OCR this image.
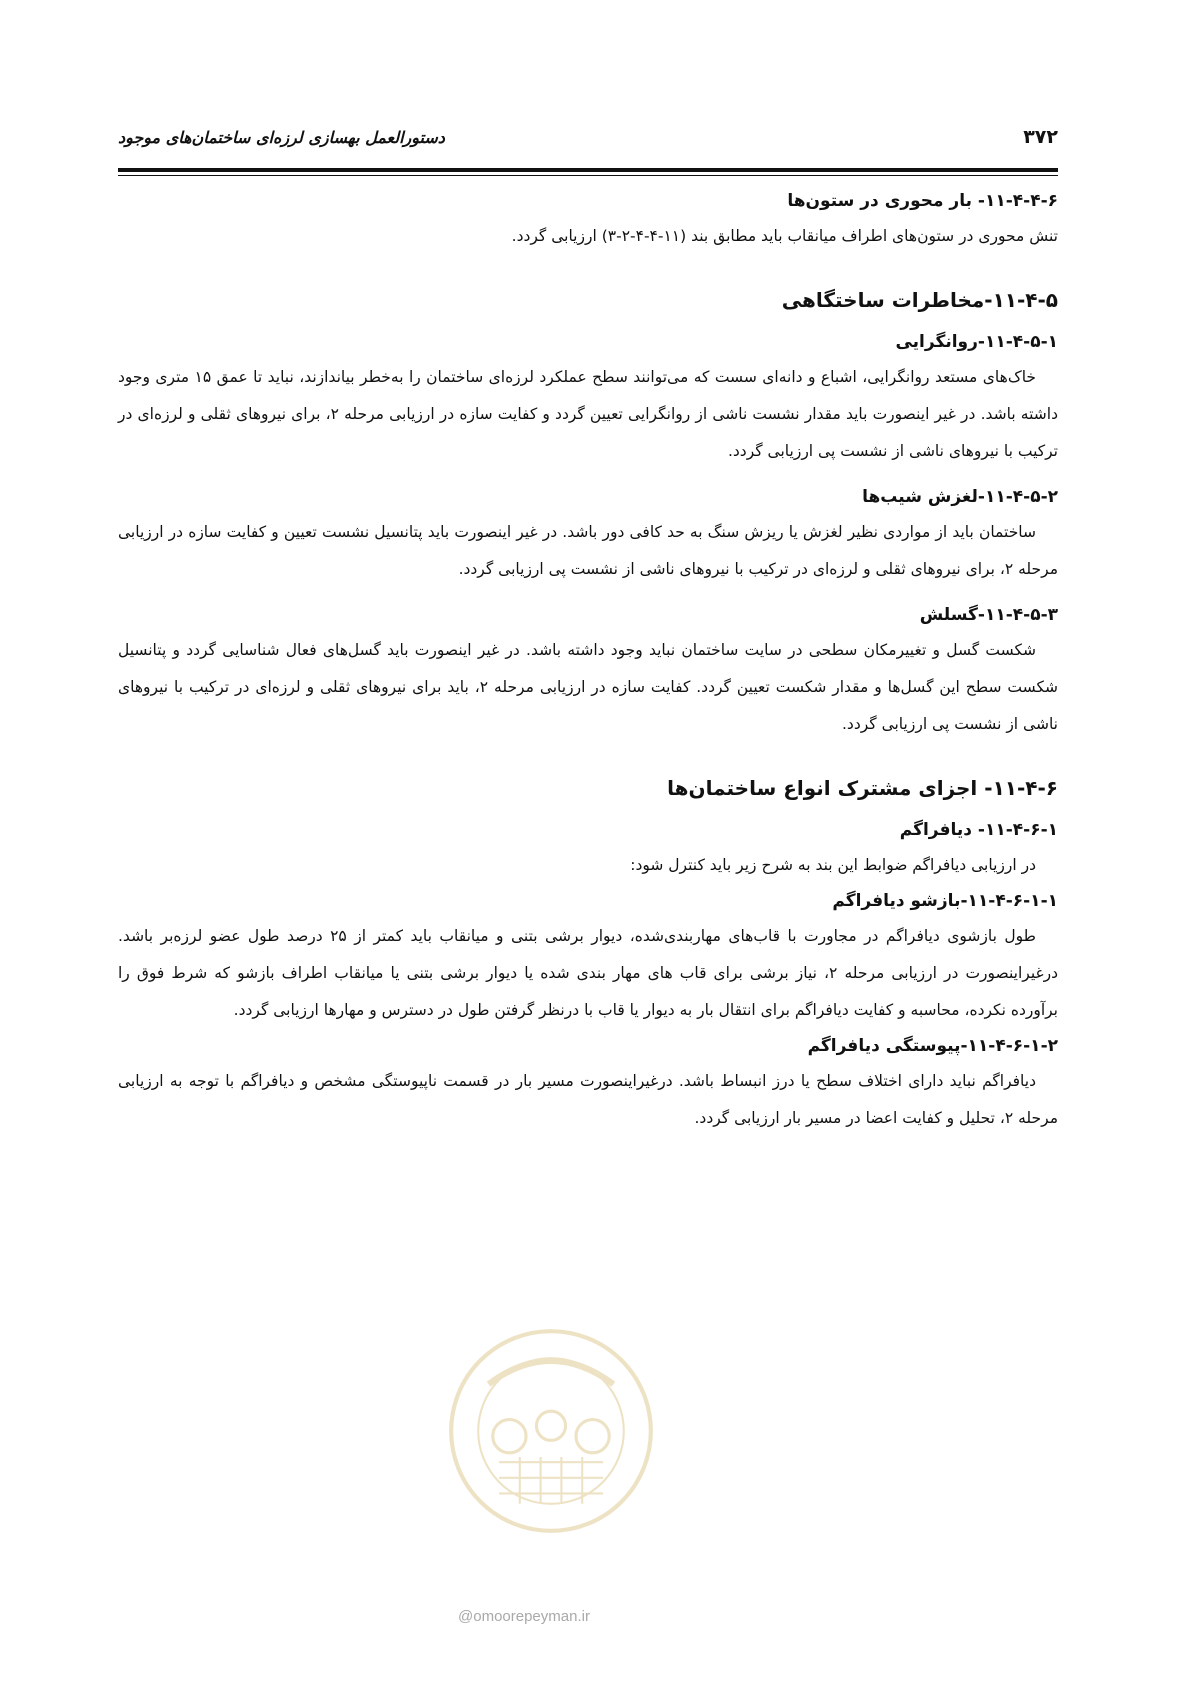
۳۷۲
دستورالعمل بهسازی لرزه‌ای ساختمان‌های موجود
۱۱-۴-۴-۶- بار محوری در ستون‌ها

تنش محوری در ستون‌های اطراف میانقاب باید مطابق بند (۱۱-۴-۴-۲-۳) ارزیابی گردد.

۱۱-۴-۵-مخاطرات ساختگاهی
۱۱-۴-۵-۱-روانگرایی

خاک‌های مستعد روانگرایی، اشباع و دانه‌ای سست که می‌توانند سطح عملکرد لرزه‌ای ساختمان را به‌خطر بیاندازند، نباید تا عمق ۱۵ متری وجود داشته باشد. در غیر اینصورت باید مقدار نشست ناشی از روانگرایی تعیین گردد و کفایت سازه در ارزیابی مرحله ۲، برای نیروهای ثقلی و لرزه‌ای در ترکیب با نیروهای ناشی از نشست پی ارزیابی گردد.

۱۱-۴-۵-۲-لغزش شیب‌ها

ساختمان باید از مواردی نظیر لغزش یا ریزش سنگ به حد کافی دور باشد. در غیر اینصورت باید پتانسیل نشست تعیین و کفایت سازه در ارزیابی مرحله ۲، برای نیروهای ثقلی و لرزه‌ای در ترکیب با نیروهای ناشی از نشست پی ارزیابی گردد.

۱۱-۴-۵-۳-گسلش

شکست گسل و تغییرمکان سطحی در سایت ساختمان نباید وجود داشته باشد. در غیر اینصورت باید گسل‌های فعال شناسایی گردد و پتانسیل شکست سطح این گسل‌ها و مقدار شکست تعیین گردد. کفایت سازه در ارزیابی مرحله ۲، باید برای نیروهای ثقلی و لرزه‌ای در ترکیب با نیروهای ناشی از نشست پی ارزیابی گردد.

۱۱-۴-۶- اجزای مشترک انواع ساختمان‌ها
۱۱-۴-۶-۱- دیافراگم

در ارزیابی دیافراگم ضوابط این بند به شرح زیر باید کنترل شود:

۱۱-۴-۶-۱-۱-بازشو دیافراگم

طول بازشوی دیافراگم در مجاورت با قاب‌های مهاربندی‌شده، دیوار برشی بتنی و میانقاب باید کمتر از ۲۵ درصد طول عضو لرزه‌بر باشد. درغیراینصورت در ارزیابی مرحله ۲، نیاز برشی برای قاب های مهار بندی شده یا دیوار برشی بتنی یا میانقاب اطراف بازشو که شرط فوق را برآورده نکرده، محاسبه و کفایت دیافراگم برای انتقال بار به دیوار یا قاب با درنظر گرفتن طول در دسترس و مهارها ارزیابی گردد.

۱۱-۴-۶-۱-۲-پیوستگی دیافراگم

دیافراگم نباید دارای اختلاف سطح یا درز انبساط باشد. درغیراینصورت مسیر بار در قسمت ناپیوستگی مشخص و دیافراگم با توجه به ارزیابی مرحله ۲، تحلیل و کفایت اعضا در مسیر بار ارزیابی گردد.

@omoorepeyman.ir
